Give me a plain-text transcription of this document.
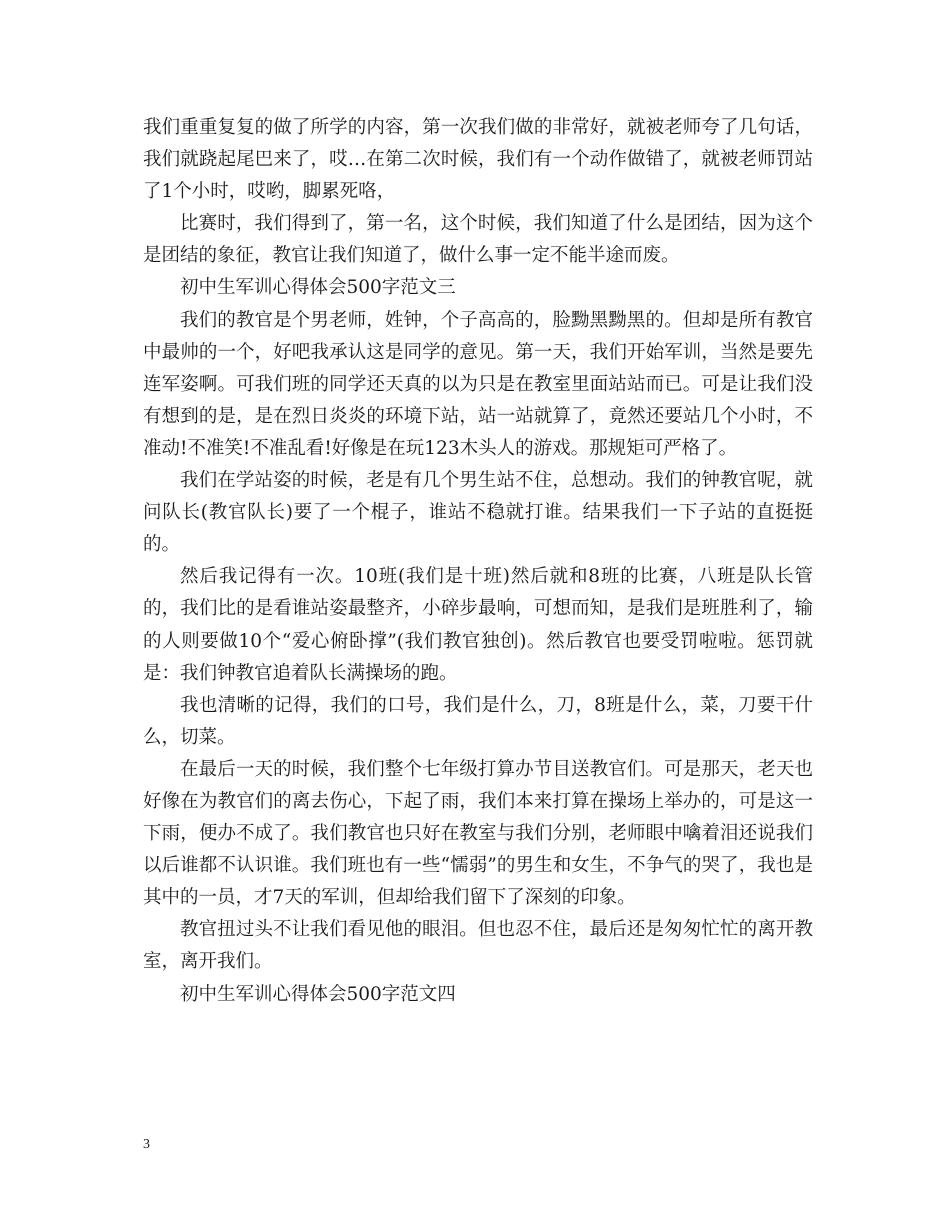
我们重重复复的做了所学的内容，第一次我们做的非常好，就被老师夸了几句话，我们就跷起尾巴来了，哎…在第二次时候，我们有一个动作做错了，就被老师罚站了1个小时，哎哟，脚累死咯，

比赛时，我们得到了，第一名，这个时候，我们知道了什么是团结，因为这个是团结的象征，教官让我们知道了，做什么事一定不能半途而废。

初中生军训心得体会500字范文三

我们的教官是个男老师，姓钟，个子高高的，脸黝黑黝黑的。但却是所有教官中最帅的一个，好吧我承认这是同学的意见。第一天，我们开始军训，当然是要先连军姿啊。可我们班的同学还天真的以为只是在教室里面站站而已。可是让我们没有想到的是，是在烈日炎炎的环境下站，站一站就算了，竟然还要站几个小时，不准动!不准笑!不准乱看!好像是在玩123木头人的游戏。那规矩可严格了。

我们在学站姿的时候，老是有几个男生站不住，总想动。我们的钟教官呢，就问队长(教官队长)要了一个棍子，谁站不稳就打谁。结果我们一下子站的直挺挺的。

然后我记得有一次。10班(我们是十班)然后就和8班的比赛，八班是队长管的，我们比的是看谁站姿最整齐，小碎步最响，可想而知，是我们是班胜利了，输的人则要做10个“爱心俯卧撑”(我们教官独创)。然后教官也要受罚啦啦。惩罚就是：我们钟教官追着队长满操场的跑。

我也清晰的记得，我们的口号，我们是什么，刀，8班是什么，菜，刀要干什么，切菜。

在最后一天的时候，我们整个七年级打算办节目送教官们。可是那天，老天也好像在为教官们的离去伤心，下起了雨，我们本来打算在操场上举办的，可是这一下雨，便办不成了。我们教官也只好在教室与我们分别，老师眼中噙着泪还说我们以后谁都不认识谁。我们班也有一些“懦弱”的男生和女生，不争气的哭了，我也是其中的一员，才7天的军训，但却给我们留下了深刻的印象。

教官扭过头不让我们看见他的眼泪。但也忍不住，最后还是匆匆忙忙的离开教室，离开我们。

初中生军训心得体会500字范文四

3
